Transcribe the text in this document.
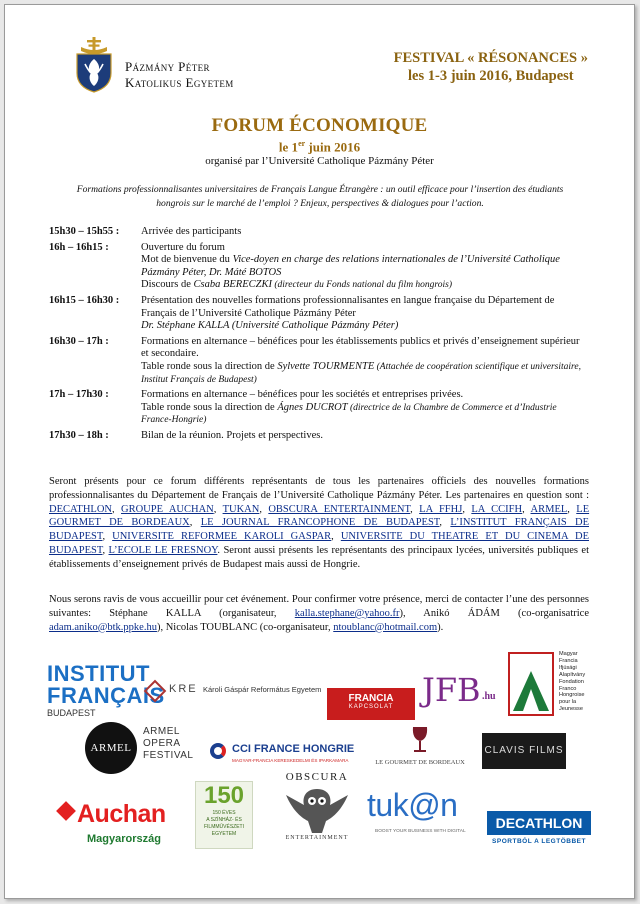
Pázmány Péter
Katolikus Egyetem
FESTIVAL « RÉSONANCES »
les 1-3 juin 2016, Budapest
FORUM ÉCONOMIQUE
le 1er juin 2016
organisé par l’Université Catholique Pázmány Péter
Formations professionnalisantes universitaires de Français Langue Étrangère : un outil efficace pour l’insertion des étudiants hongrois sur le marché de l’emploi ? Enjeux, perspectives & dialogues pour l’action.
15h30 – 15h55 :	Arrivée des participants
16h – 16h15 :	Ouverture du forum
Mot de bienvenue du Vice-doyen en charge des relations internationales de l’Université Catholique Pázmány Péter, Dr. Máté BOTOS
Discours de Csaba BERECZKI (directeur du Fonds national du film hongrois)
16h15 – 16h30 :	Présentation des nouvelles formations professionnalisantes en langue française du Département de Français de l’Université Catholique Pázmány Péter
Dr. Stéphane KALLA (Université Catholique Pázmány Péter)
16h30 – 17h :	Formations en alternance – bénéfices pour les établissements publics et privés d’enseignement supérieur et secondaire.
Table ronde sous la direction de Sylvette TOURMENTE (Attachée de coopération scientifique et universitaire, Institut Français de Budapest)
17h – 17h30 :	Formations en alternance – bénéfices pour les sociétés et entreprises privées.
Table ronde sous la direction de Ágnes DUCROT (directrice de la Chambre de Commerce et d’Industrie France-Hongrie)
17h30 – 18h :	Bilan de la réunion. Projets et perspectives.
Seront présents pour ce forum différents représentants de tous les partenaires officiels des nouvelles formations professionnalisantes du Département de Français de l’Université Catholique Pázmány Péter. Les partenaires en question sont : DECATHLON, GROUPE AUCHAN, TUKAN, OBSCURA ENTERTAINMENT, LA FFHJ, LA CCIFH, ARMEL, LE GOURMET DE BORDEAUX, LE JOURNAL FRANCOPHONE DE BUDAPEST, L’INSTITUT FRANÇAIS DE BUDAPEST, UNIVERSITE REFORMEE KAROLI GASPAR, UNIVERSITE DU THEATRE ET DU CINEMA DE BUDAPEST, L’ECOLE LE FRESNOY. Seront aussi présents les représentants des principaux lycées, universités publiques et établissements d’enseignement privés de Budapest mais aussi de Hongrie.
Nous serons ravis de vous accueillir pour cet événement. Pour confirmer votre présence, merci de contacter l’une des personnes suivantes: Stéphane KALLA (organisateur, kalla.stephane@yahoo.fr), Anikó ÁDÁM (co-organisatrice adam.aniko@btk.ppke.hu), Nicolas TOUBLANC (co-organisateur, ntoublanc@hotmail.com).
INSTITUT
FRANÇAIS
BUDAPEST
KRE Károli Gáspár Református Egyetem
FRANCIA
KAPCSOLAT JFB .hu
Magyar
Francia
Ifjúsági
Alapítvány
Fondation
Franco
Hongroise
pour la
Jeunesse
ARMEL
ARMEL
OPERA
FESTIVAL
CCI FRANCE HONGRIE
MAGYAR-FRANCIA KERESKEDELMI ÉS IPARKAMARA	LE GOURMET DE BORDEAUX
CLAVIS FILMS
Auchan
Magyarország
150
150 ÉVES
A SZÍNHÁZ- ÉS
FILMMŰVÉSZETI
EGYETEM
OBSCURA
ENTERTAINMENT
tuk@n
BOOST YOUR BUSINESS WITH DIGITAL
DECATHLON
SPORTBÓL A LEGTÖBBET
